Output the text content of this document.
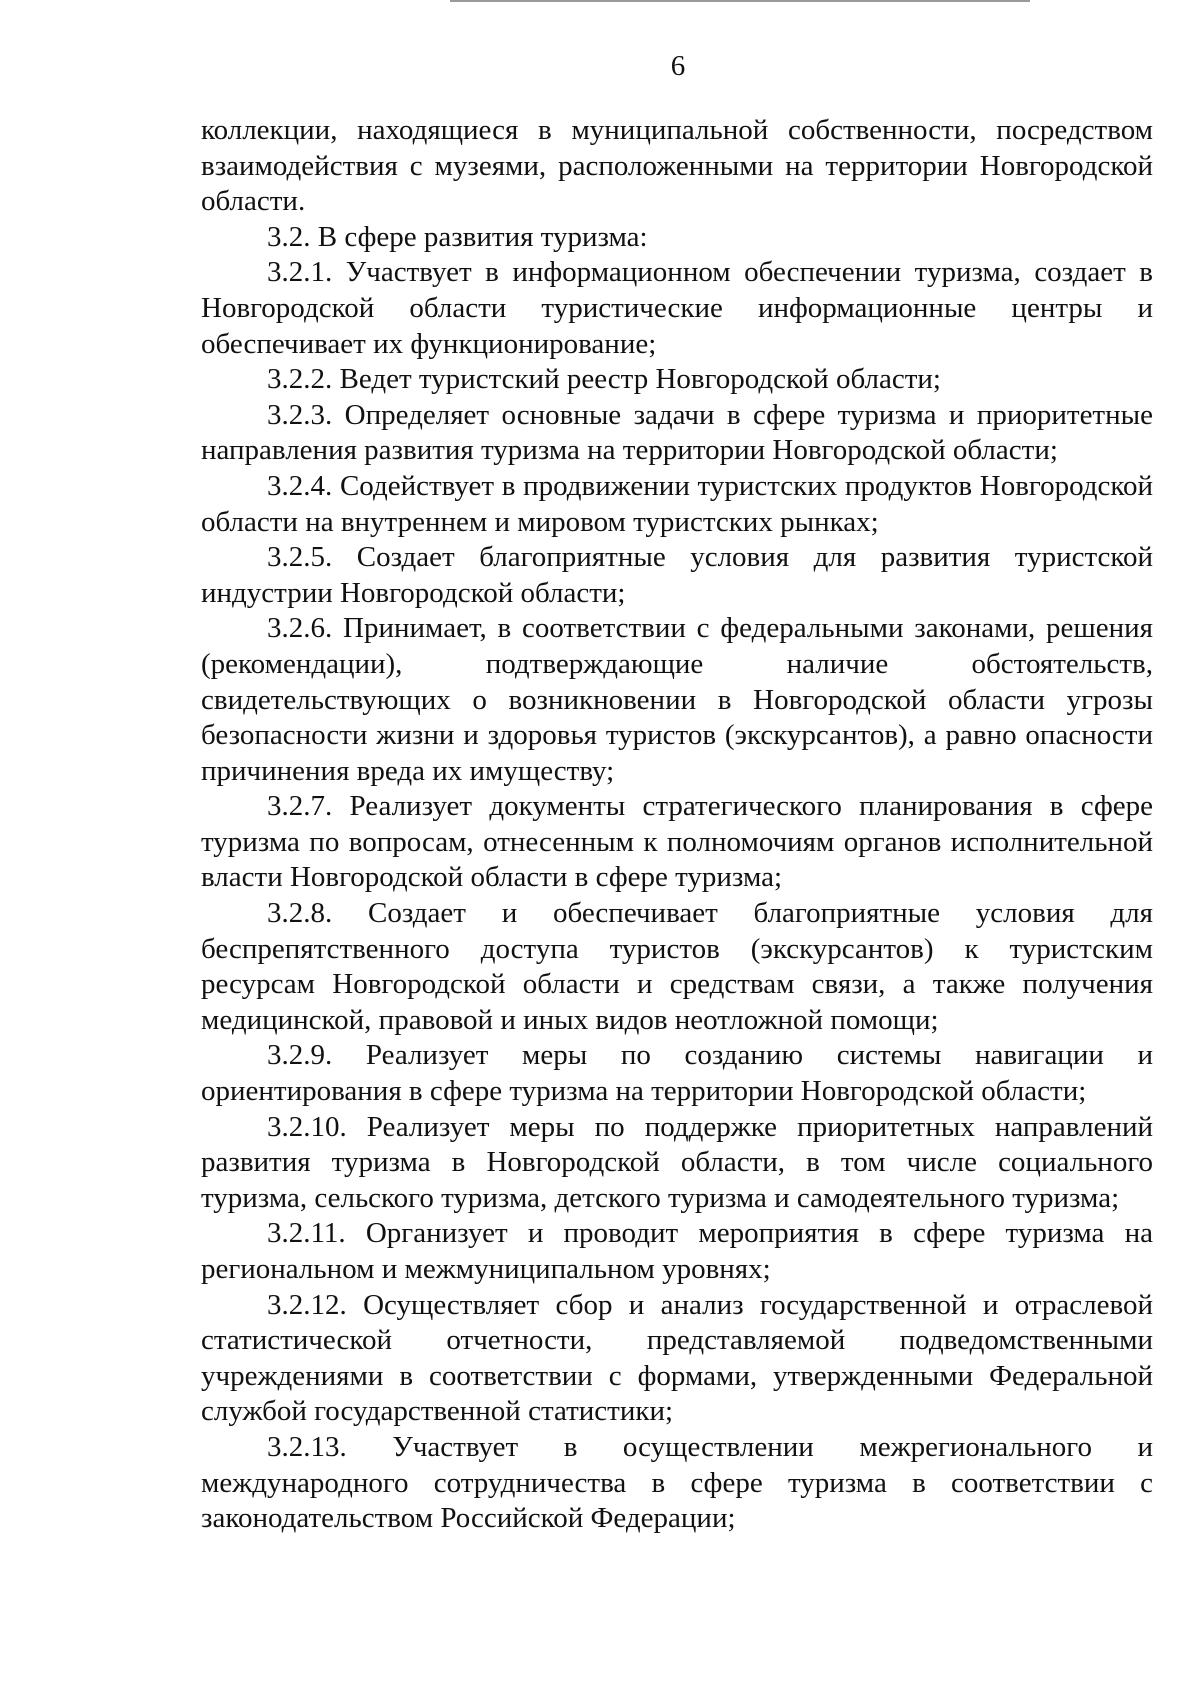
6

коллекции, находящиеся в муниципальной собственности, посредством взаимодействия с музеями, расположенными на территории Новгородской области.

3.2. В сфере развития туризма:

3.2.1. Участвует в информационном обеспечении туризма, создает в Новгородской области туристические информационные центры и обеспечивает их функционирование;

3.2.2. Ведет туристский реестр Новгородской области;

3.2.3. Определяет основные задачи в сфере туризма и приоритетные направления развития туризма на территории Новгородской области;

3.2.4. Содействует в продвижении туристских продуктов Новгородской области на внутреннем и мировом туристских рынках;

3.2.5. Создает благоприятные условия для развития туристской индустрии Новгородской области;

3.2.6. Принимает, в соответствии с федеральными законами, решения (рекомендации), подтверждающие наличие обстоятельств, свидетельствующих о возникновении в Новгородской области угрозы безопасности жизни и здоровья туристов (экскурсантов), а равно опасности причинения вреда их имуществу;

3.2.7. Реализует документы стратегического планирования в сфере туризма по вопросам, отнесенным к полномочиям органов исполнительной власти Новгородской области в сфере туризма;

3.2.8. Создает и обеспечивает благоприятные условия для беспрепятственного доступа туристов (экскурсантов) к туристским ресурсам Новгородской области и средствам связи, а также получения медицинской, правовой и иных видов неотложной помощи;

3.2.9. Реализует меры по созданию системы навигации и ориентирования в сфере туризма на территории Новгородской области;

3.2.10. Реализует меры по поддержке приоритетных направлений развития туризма в Новгородской области, в том числе социального туризма, сельского туризма, детского туризма и самодеятельного туризма;

3.2.11. Организует и проводит мероприятия в сфере туризма на региональном и межмуниципальном уровнях;

3.2.12. Осуществляет сбор и анализ государственной и отраслевой статистической отчетности, представляемой подведомственными учреждениями в соответствии с формами, утвержденными Федеральной службой государственной статистики;

3.2.13. Участвует в осуществлении межрегионального и международного сотрудничества в сфере туризма в соответствии с законодательством Российской Федерации;
